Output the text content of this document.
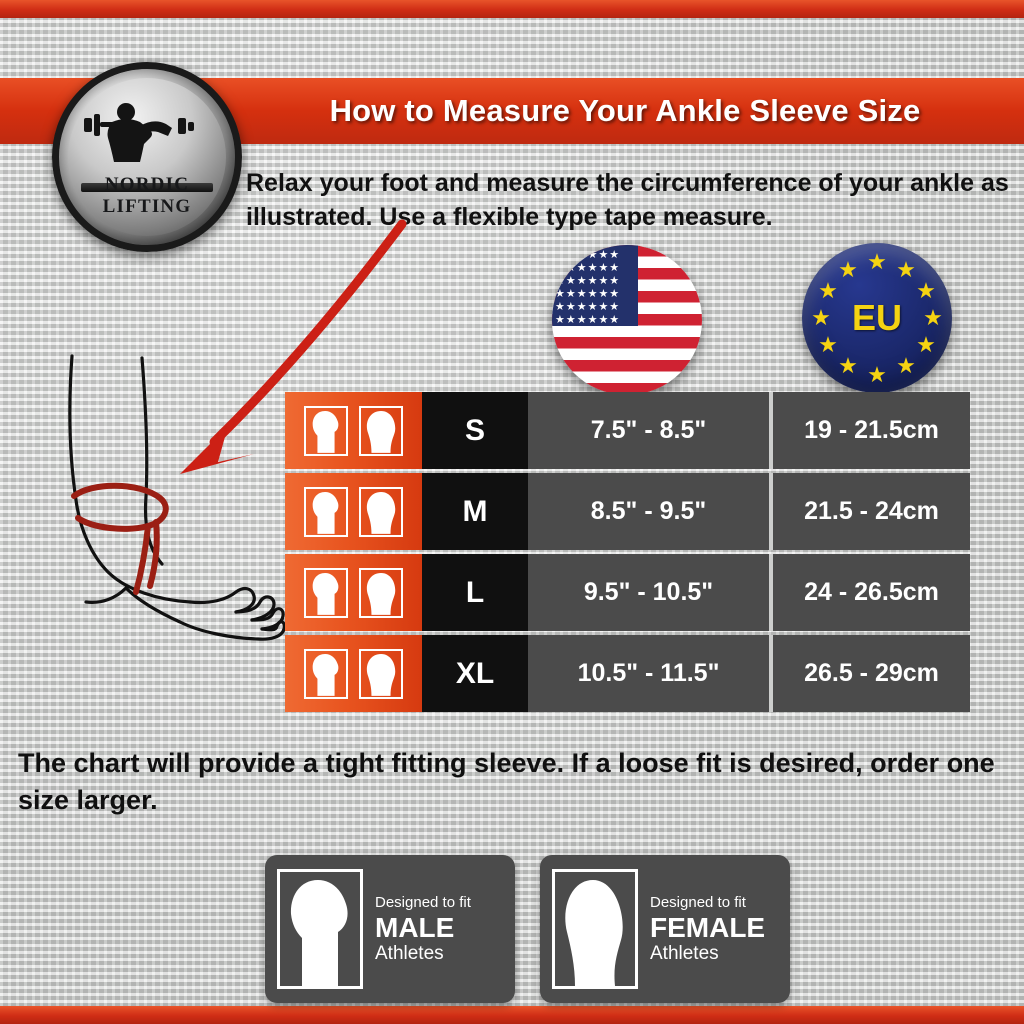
How to Measure Your Ankle Sleeve Size
NORDIC LIFTING
Relax your foot and measure the circumference of your ankle as illustrated. Use a flexible type tape measure.
★★★★★★
★★★★★★
★★★★★★
★★★★★★
★★★★★★
★★★★★★
★ ★
★
★
★
★
★
★
★
★
★
★
EU
S	7.5" - 8.5"	19 - 21.5cm
M	8.5" - 9.5"	21.5 - 24cm
L	9.5" - 10.5"	24 - 26.5cm
XL	10.5" - 11.5"	26.5 - 29cm
The chart will provide a tight fitting sleeve. If a loose fit is desired, order one size larger.
Designed to fit
MALE
Athletes
Designed to fit
FEMALE
Athletes
